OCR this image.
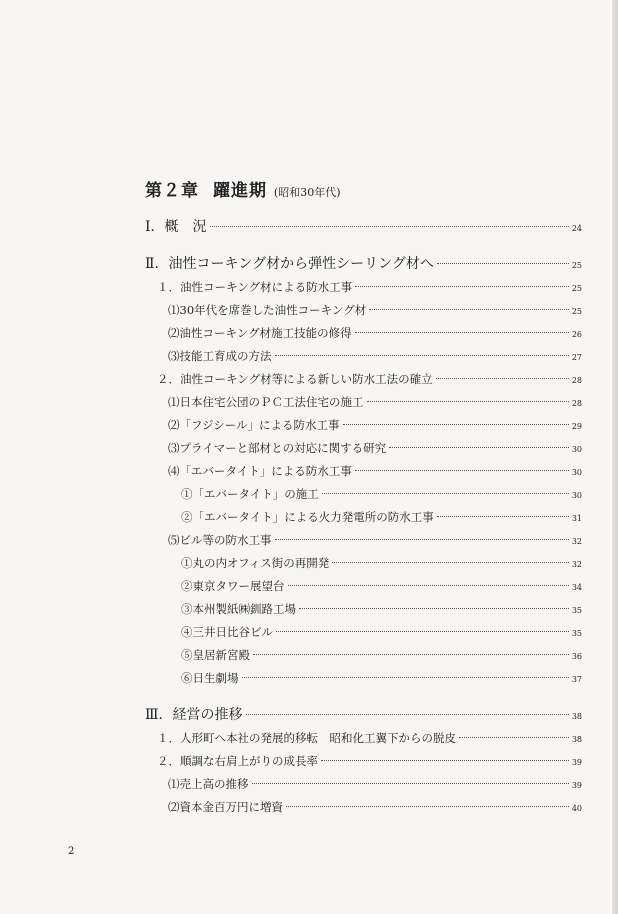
第２章 躍進期 (昭和30年代)
Ⅰ．概　況	24
Ⅱ．油性コーキング材から弾性シーリング材へ	25
１．油性コーキング材による防水工事	25
⑴30年代を席巻した油性コーキング材	25
⑵油性コーキング材施工技能の修得	26
⑶技能工育成の方法	27
２．油性コーキング材等による新しい防水工法の確立	28
⑴日本住宅公団のＰＣ工法住宅の施工	28
⑵「フジシール」による防水工事	29
⑶プライマーと部材との対応に関する研究	30
⑷「エバータイト」による防水工事	30
①「エバータイト」の施工	30
②「エバータイト」による火力発電所の防水工事	31
⑸ビル等の防水工事	32
①丸の内オフィス街の再開発	32
②東京タワー展望台	34
③本州製紙㈱釧路工場	35
④三井日比谷ビル	35
⑤皇居新宮殿	36
⑥日生劇場	37
Ⅲ．経営の推移	38
１．人形町へ本社の発展的移転　昭和化工翼下からの脱皮	38
２．順調な右肩上がりの成長率	39
⑴売上高の推移	39
⑵資本金百万円に増資	40
2
